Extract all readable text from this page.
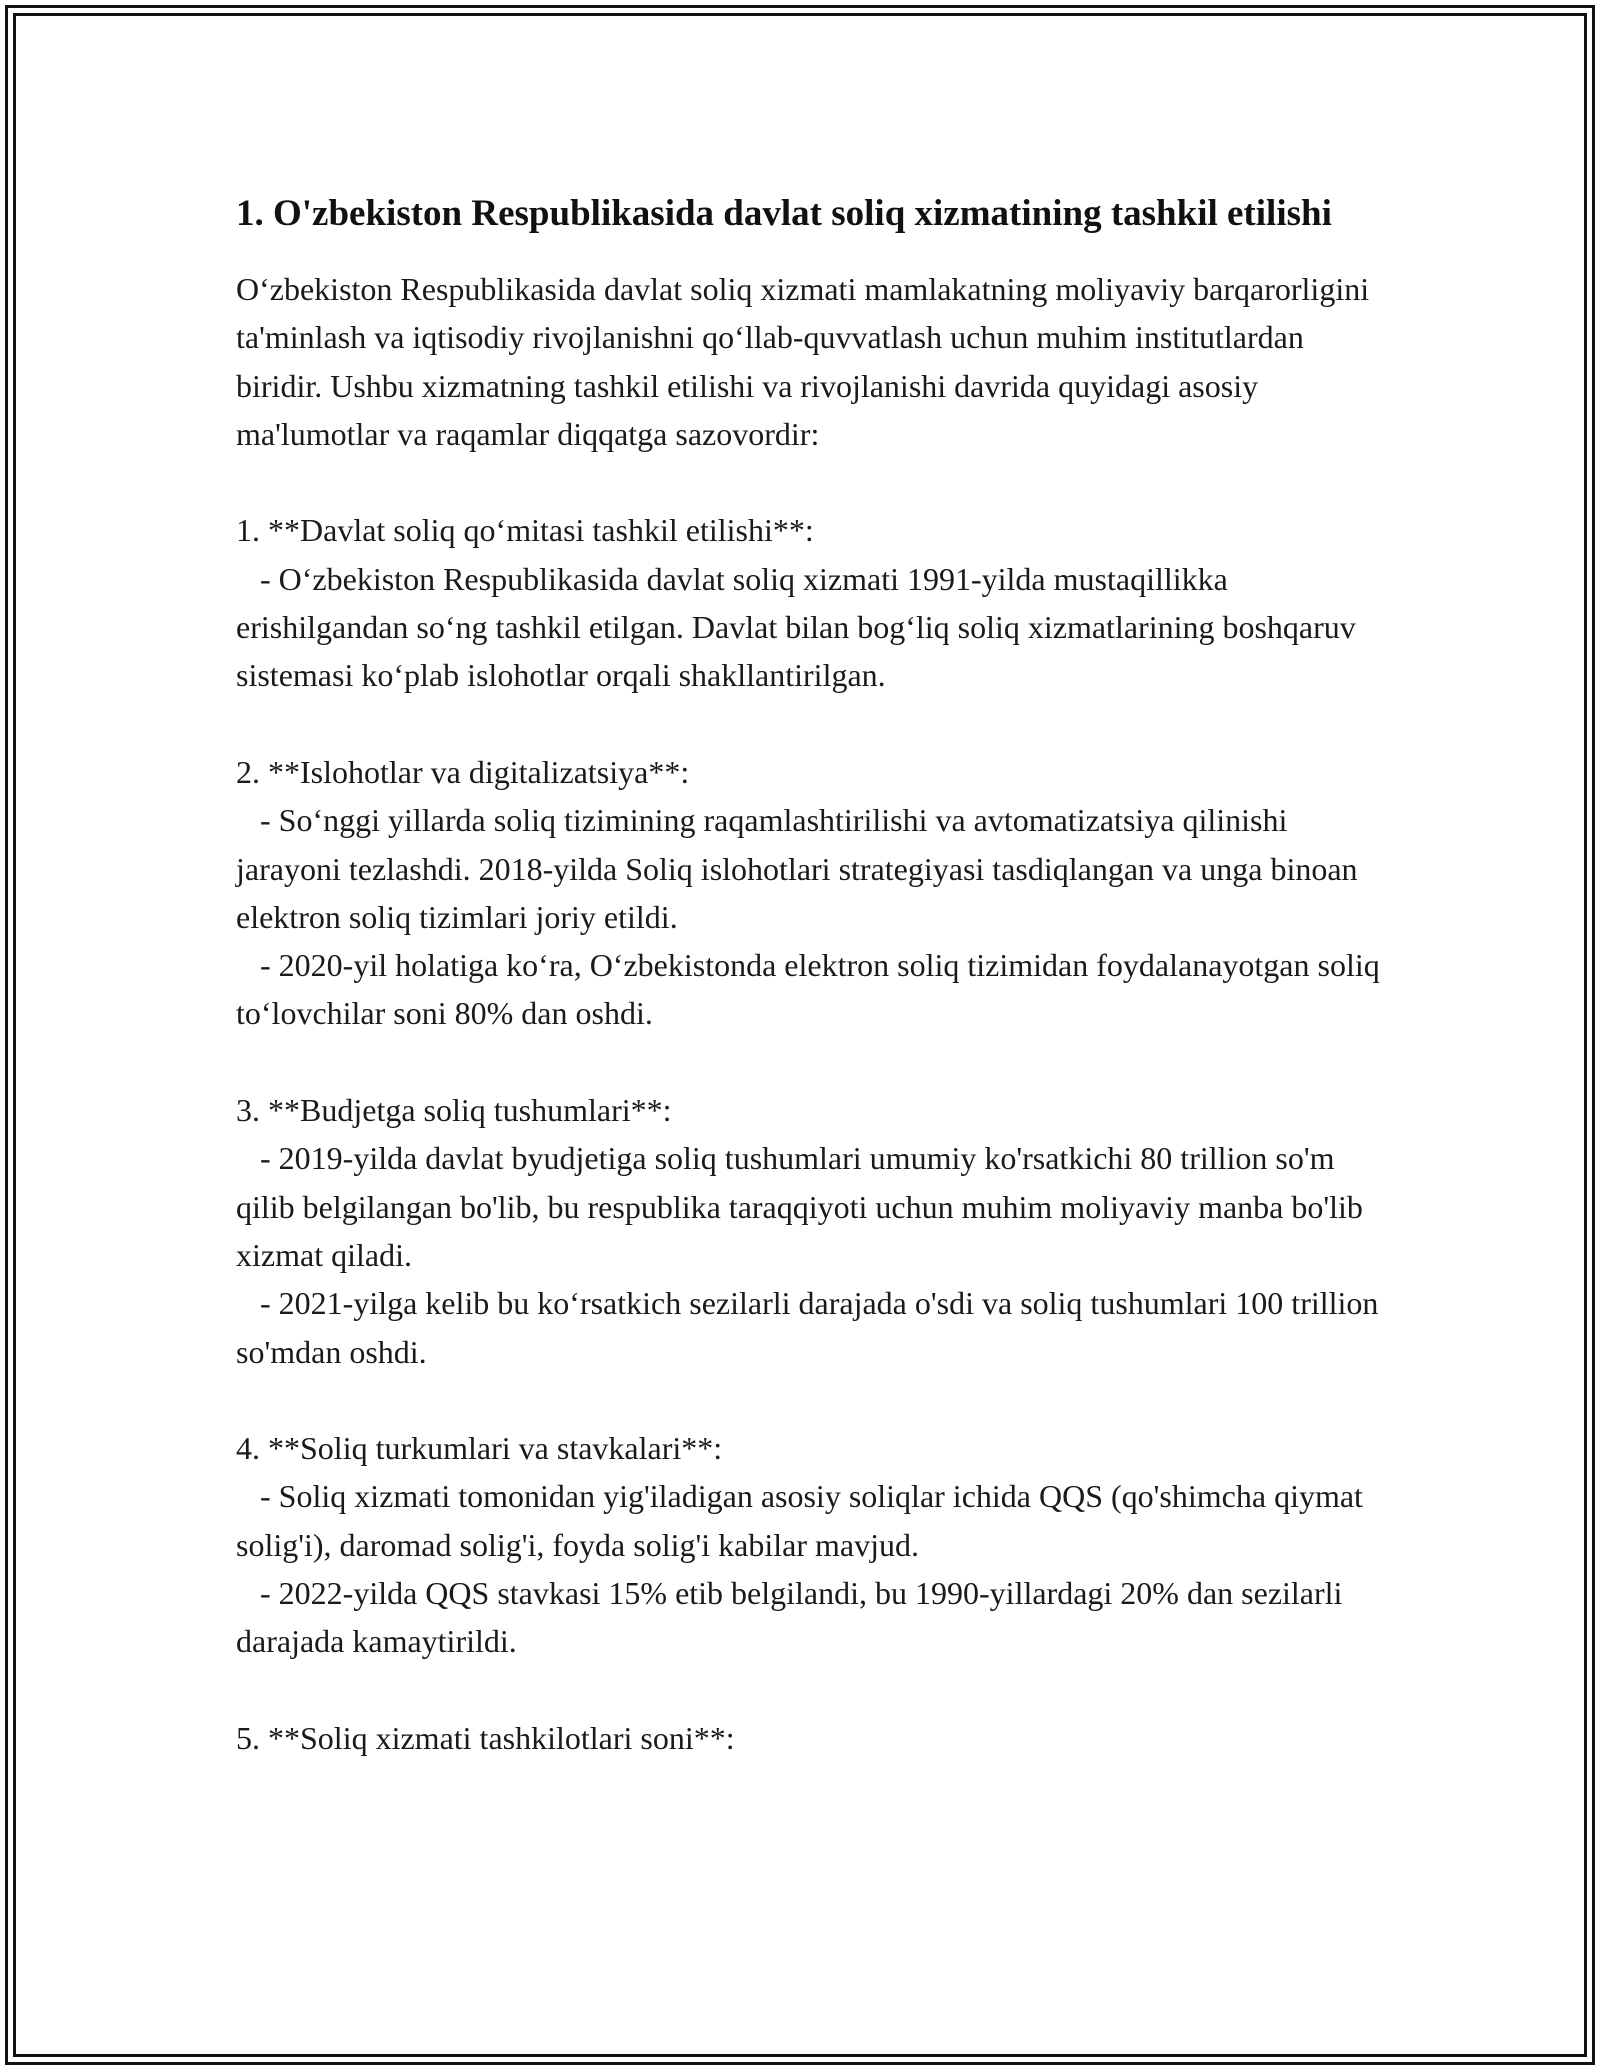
1. O'zbekiston Respublikasida davlat soliq xizmatining tashkil etilishi

O‘zbekiston Respublikasida davlat soliq xizmati mamlakatning moliyaviy barqarorligini ta'minlash va iqtisodiy rivojlanishni qo‘llab-quvvatlash uchun muhim institutlardan biridir. Ushbu xizmatning tashkil etilishi va rivojlanishi davrida quyidagi asosiy ma'lumotlar va raqamlar diqqatga sazovordir:

1. **Davlat soliq qo‘mitasi tashkil etilishi**:
- O‘zbekiston Respublikasida davlat soliq xizmati 1991-yilda mustaqillikka erishilgandan so‘ng tashkil etilgan. Davlat bilan bog‘liq soliq xizmatlarining boshqaruv sistemasi ko‘plab islohotlar orqali shakllantirilgan.

2. **Islohotlar va digitalizatsiya**:
- So‘nggi yillarda soliq tizimining raqamlashtirilishi va avtomatizatsiya qilinishi jarayoni tezlashdi. 2018-yilda Soliq islohotlari strategiyasi tasdiqlangan va unga binoan elektron soliq tizimlari joriy etildi.
- 2020-yil holatiga ko‘ra, O‘zbekistonda elektron soliq tizimidan foydalanayotgan soliq to‘lovchilar soni 80% dan oshdi.

3. **Budjetga soliq tushumlari**:
- 2019-yilda davlat byudjetiga soliq tushumlari umumiy ko'rsatkichi 80 trillion so'm qilib belgilangan bo'lib, bu respublika taraqqiyoti uchun muhim moliyaviy manba bo'lib xizmat qiladi.
- 2021-yilga kelib bu ko‘rsatkich sezilarli darajada o'sdi va soliq tushumlari 100 trillion so'mdan oshdi.

4. **Soliq turkumlari va stavkalari**:
- Soliq xizmati tomonidan yig'iladigan asosiy soliqlar ichida QQS (qo'shimcha qiymat solig'i), daromad solig'i, foyda solig'i kabilar mavjud.
- 2022-yilda QQS stavkasi 15% etib belgilandi, bu 1990-yillardagi 20% dan sezilarli darajada kamaytirildi.

5. **Soliq xizmati tashkilotlari soni**:
